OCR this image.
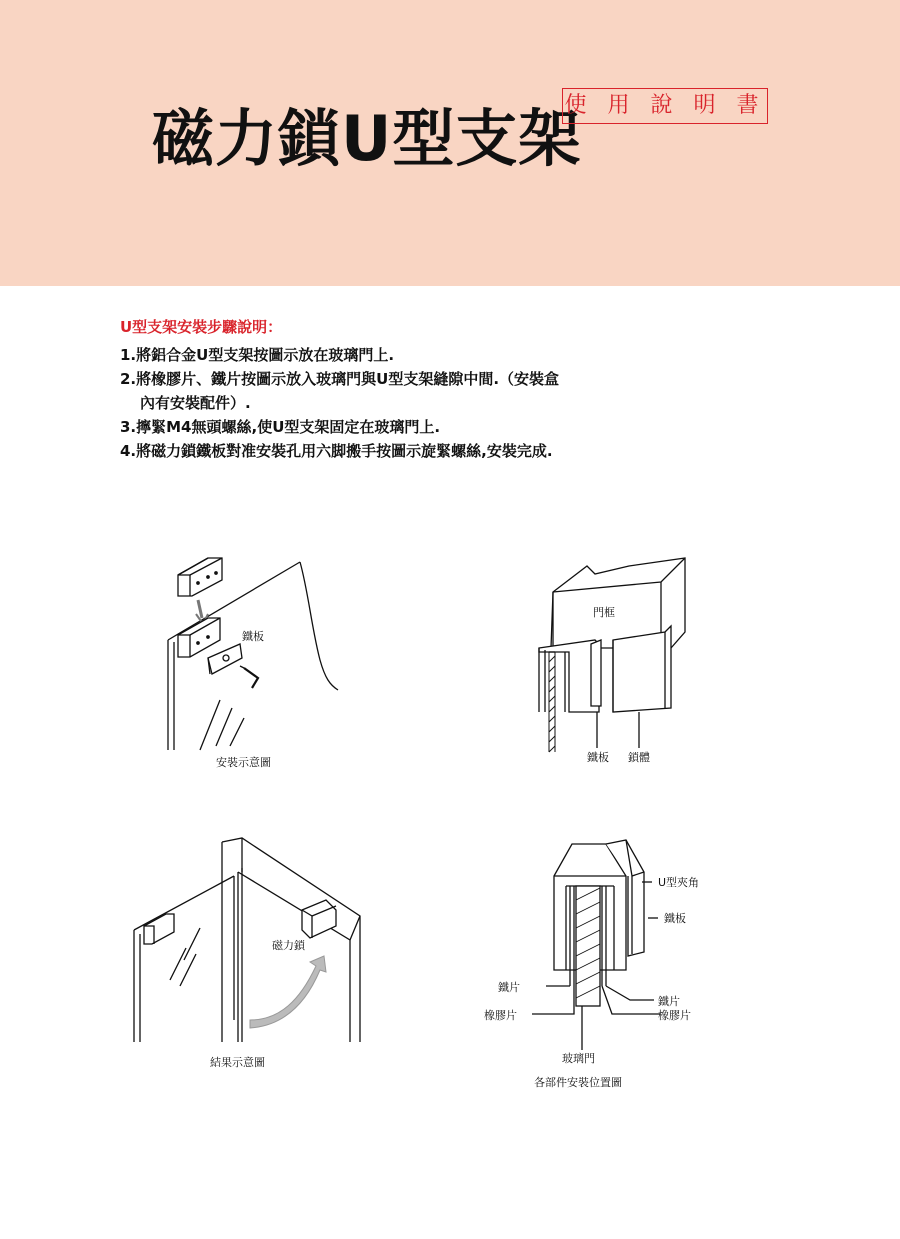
磁力鎖U型支架
使 用 說 明 書

U型支架安裝步驟說明：

1.將鋁合金U型支架按圖示放在玻璃門上.
2.將橡膠片、鐵片按圖示放入玻璃門與U型支架縫隙中間.（安裝盒
內有安裝配件）.
3.擰緊M4無頭螺絲,使U型支架固定在玻璃門上.
4.將磁力鎖鐵板對准安裝孔用六脚搬手按圖示旋緊螺絲,安裝完成.
鐵板
安裝示意圖
門框
鐵板 鎖體
磁力鎖
結果示意圖
U型夾角
鐵板
鐵片
橡膠片
鐵片
橡膠片
玻璃門
各部件安裝位置圖
